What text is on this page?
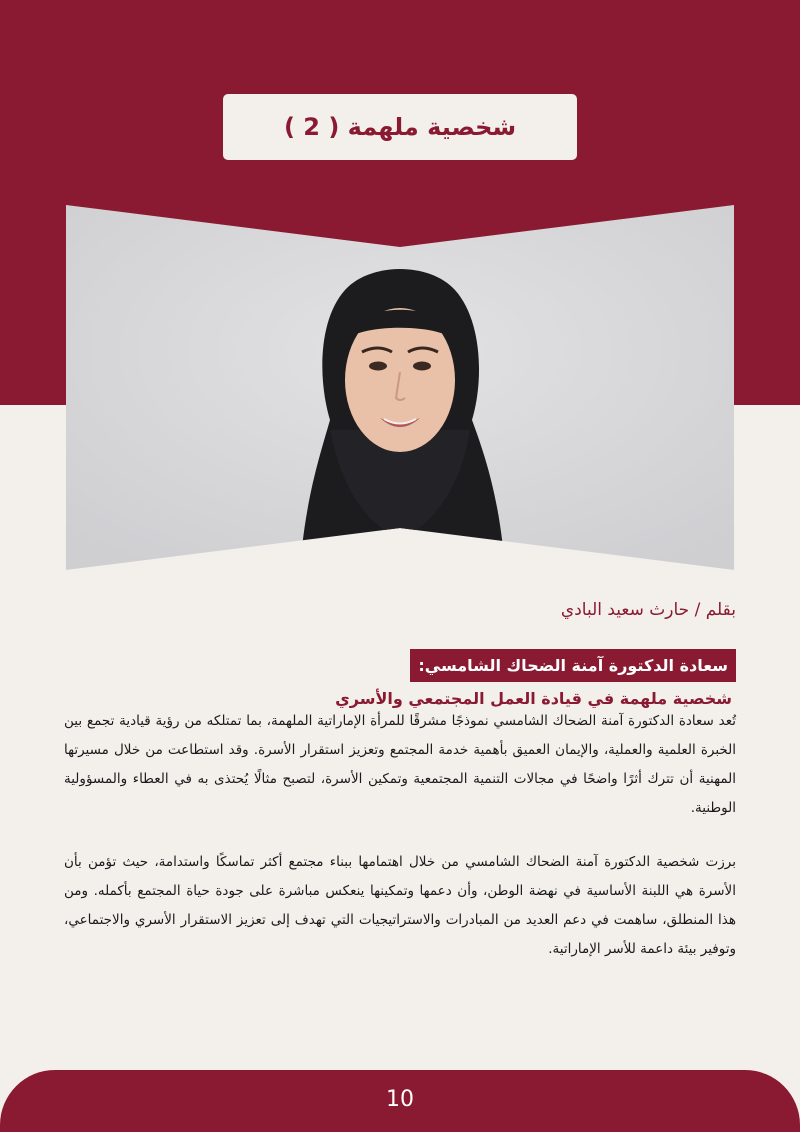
شخصية ملهمة ( 2 )
بقلم / حارث سعيد البادي
سعادة الدكتورة آمنة الضحاك الشامسي: شخصية ملهمة في قيادة العمل المجتمعي والأسري
تُعد سعادة الدكتورة آمنة الضحاك الشامسي نموذجًا مشرقًا للمرأة الإماراتية الملهمة، بما تمتلكه من رؤية قيادية تجمع بين الخبرة العلمية والعملية، والإيمان العميق بأهمية خدمة المجتمع وتعزيز استقرار الأسرة. وقد استطاعت من خلال مسيرتها المهنية أن تترك أثرًا واضحًا في مجالات التنمية المجتمعية وتمكين الأسرة، لتصبح مثالًا يُحتذى به في العطاء والمسؤولية الوطنية.
برزت شخصية الدكتورة آمنة الضحاك الشامسي من خلال اهتمامها ببناء مجتمع أكثر تماسكًا واستدامة، حيث تؤمن بأن الأسرة هي اللبنة الأساسية في نهضة الوطن، وأن دعمها وتمكينها ينعكس مباشرة على جودة حياة المجتمع بأكمله. ومن هذا المنطلق، ساهمت في دعم العديد من المبادرات والاستراتيجيات التي تهدف إلى تعزيز الاستقرار الأسري والاجتماعي، وتوفير بيئة داعمة للأسر الإماراتية.
10
